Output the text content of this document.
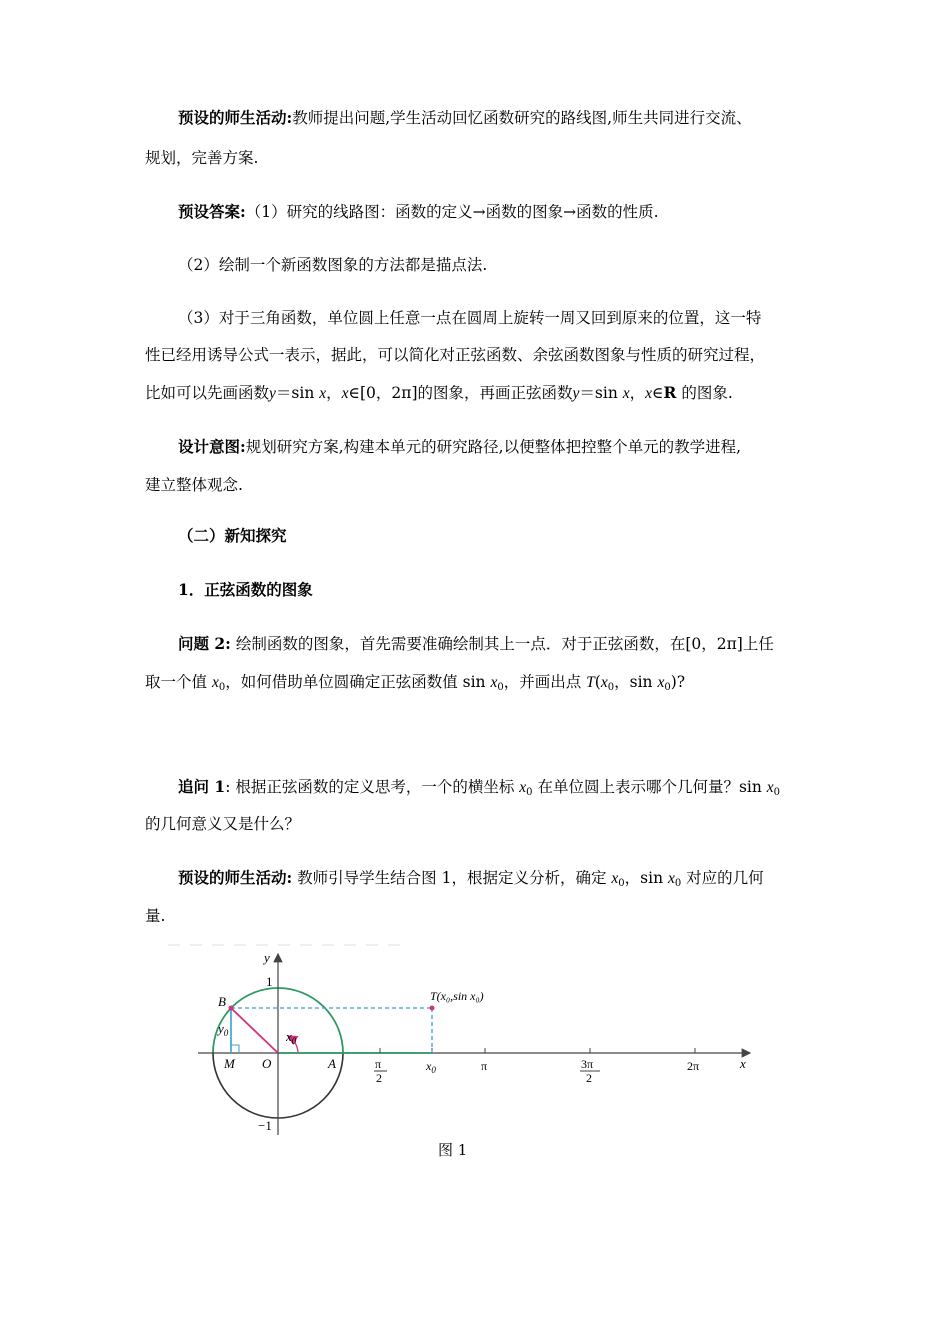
预设的师生活动:教师提出问题,学生活动回忆函数研究的路线图,师生共同进行交流、
规划，完善方案.
预设答案:（1）研究的线路图：函数的定义→函数的图象→函数的性质.
（2）绘制一个新函数图象的方法都是描点法.
（3）对于三角函数，单位圆上任意一点在圆周上旋转一周又回到原来的位置，这一特
性已经用诱导公式一表示，据此，可以简化对正弦函数、余弦函数图象与性质的研究过程，
比如可以先画函数y＝sin x，x∈[0，2π]的图象，再画正弦函数y＝sin x，x∈R 的图象.
设计意图:规划研究方案,构建本单元的研究路径,以便整体把控整个单元的教学进程,
建立整体观念.
（二）新知探究
1．正弦函数的图象
问题 2: 绘制函数的图象，首先需要准确绘制其上一点．对于正弦函数，在[0，2π]上任
取一个值 $x_0$，如何借助单位圆确定正弦函数值 $\sin x_0$，并画出点 $T(x_0$，$\sin x_0$)?
追问 1: 根据正弦函数的定义思考，一个的横坐标 $x_0$ 在单位圆上表示哪个几何量？$\sin x_0$
的几何意义又是什么？
预设的师生活动: 教师引导学生结合图 1，根据定义分析，确定 $x_0$，$\sin x_0$ 对应的几何
量.
y
x
1
−1
B
O
M	A
$y_0$	$x_0$
T(x₀,sin x₀)
π
2
$x_0$	π	3π
2
2π
图 1
